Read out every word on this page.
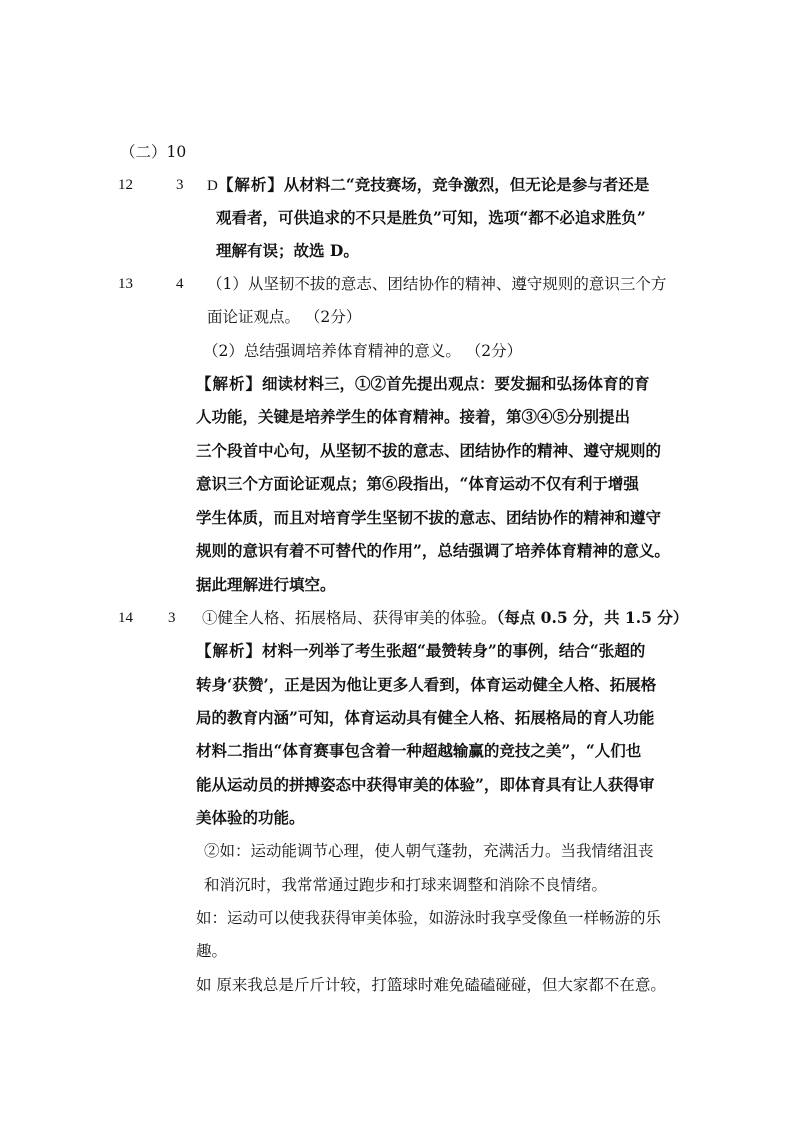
（二）10
12	3 D【解析】从材料二“竞技赛场，竞争激烈，但无论是参与者还是
观看者，可供追求的不只是胜负”可知，选项“都不必追求胜负”
理解有误；故选 D。
13	4 （1）从坚韧不拔的意志、团结协作的精神、遵守规则的意识三个方
面论证观点。 （2分）
（2）总结强调培养体育精神的意义。 （2分）
【解析】细读材料三，①②首先提出观点：要发掘和弘扬体育的育
人功能，关键是培养学生的体育精神。接着，第③④⑤分别提出
三个段首中心句，从坚韧不拔的意志、团结协作的精神、遵守规则的
意识三个方面论证观点；第⑥段指出，“体育运动不仅有利于增强
学生体质，而且对培育学生坚韧不拔的意志、团结协作的精神和遵守
规则的意识有着不可替代的作用”，总结强调了培养体育精神的意义。
据此理解进行填空。
14 3 ①健全人格、拓展格局、获得审美的体验。（每点 0.5 分，共 1.5 分）
【解析】材料一列举了考生张超“最赞转身”的事例，结合“张超的
转身‘获赞’，正是因为他让更多人看到，体育运动健全人格、拓展格
局的教育内涵”可知，体育运动具有健全人格、拓展格局的育人功能
材料二指出“体育赛事包含着一种超越输赢的竞技之美”，“人们也
能从运动员的拼搏姿态中获得审美的体验”，即体育具有让人获得审
美体验的功能。
②如：运动能调节心理，使人朝气蓬勃，充满活力。当我情绪沮丧
和消沉时，我常常通过跑步和打球来调整和消除不良情绪。
如：运动可以使我获得审美体验，如游泳时我享受像鱼一样畅游的乐
趣。
如 原来我总是斤斤计较，打篮球时难免磕磕碰碰，但大家都不在意。
